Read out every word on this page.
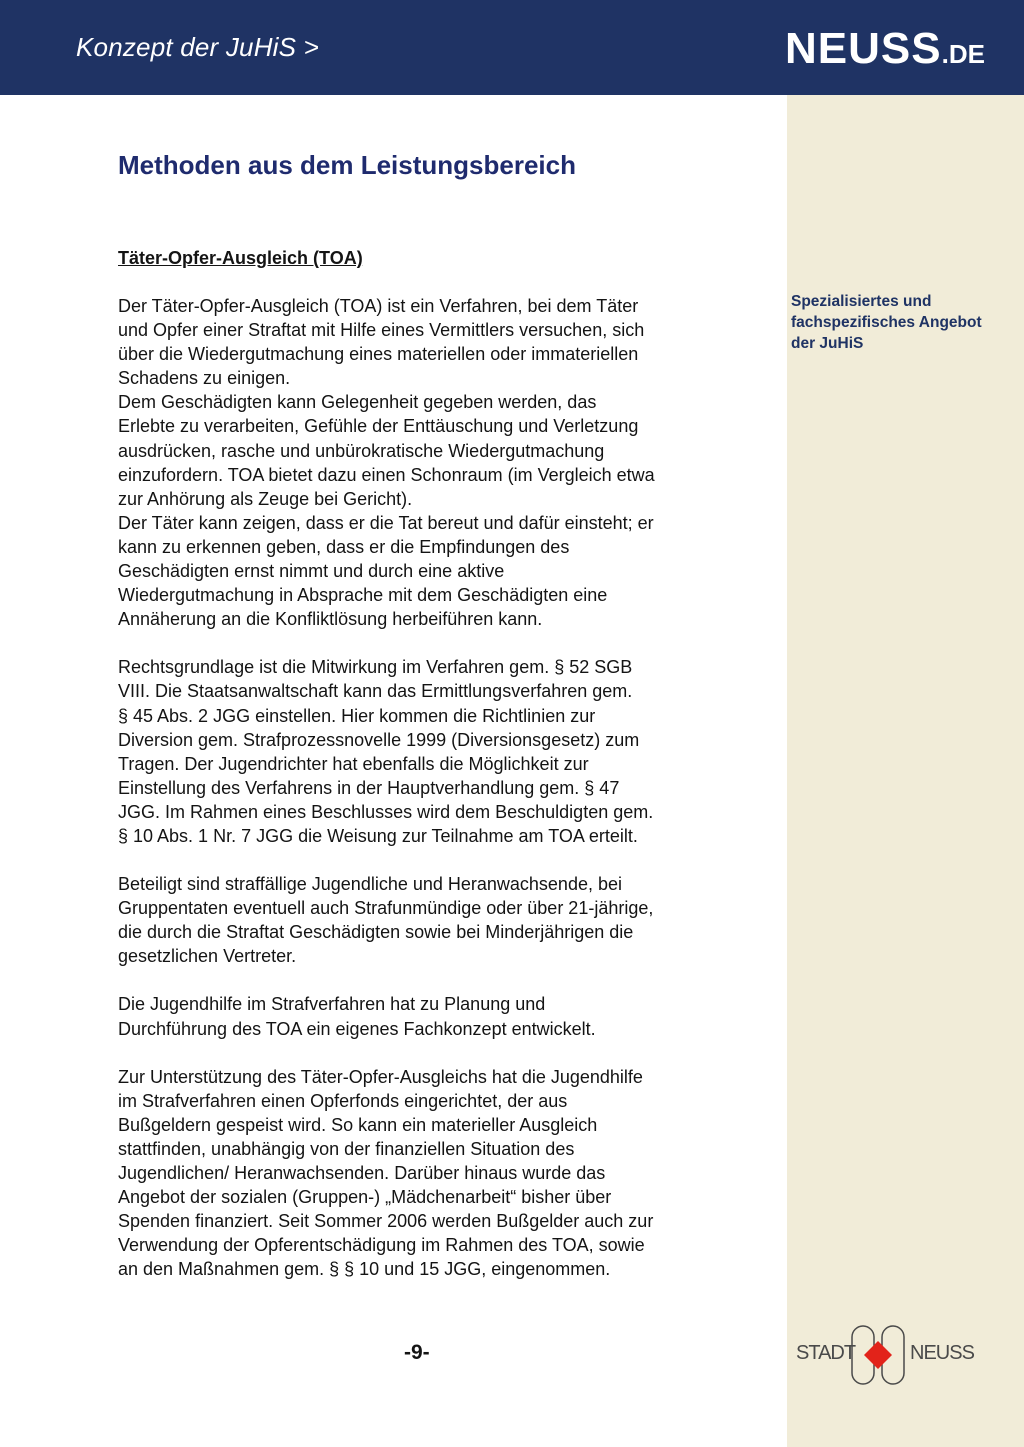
Konzept der JuHiS >	NEUSS.DE
Spezialisiertes und
fachspezifisches Angebot
der JuHiS
Methoden aus dem Leistungsbereich
Täter-Opfer-Ausgleich (TOA)

Der Täter-Opfer-Ausgleich (TOA) ist ein Verfahren, bei dem Täter
und Opfer einer Straftat mit Hilfe eines Vermittlers versuchen, sich
über die Wiedergutmachung eines materiellen oder immateriellen
Schadens zu einigen.
Dem Geschädigten kann Gelegenheit gegeben werden, das
Erlebte zu verarbeiten, Gefühle der Enttäuschung und Verletzung
ausdrücken, rasche und unbürokratische Wiedergutmachung
einzufordern. TOA bietet dazu einen Schonraum (im Vergleich etwa
zur Anhörung als Zeuge bei Gericht).
Der Täter kann zeigen, dass er die Tat bereut und dafür einsteht; er
kann zu erkennen geben, dass er die Empfindungen des
Geschädigten ernst nimmt und durch eine aktive
Wiedergutmachung in Absprache mit dem Geschädigten eine
Annäherung an die Konfliktlösung herbeiführen kann.

Rechtsgrundlage ist die Mitwirkung im Verfahren gem. § 52 SGB
VIII. Die Staatsanwaltschaft kann das Ermittlungsverfahren gem.
§ 45 Abs. 2 JGG einstellen. Hier kommen die Richtlinien zur
Diversion gem. Strafprozessnovelle 1999 (Diversionsgesetz) zum
Tragen. Der Jugendrichter hat ebenfalls die Möglichkeit zur
Einstellung des Verfahrens in der Hauptverhandlung gem. § 47
JGG. Im Rahmen eines Beschlusses wird dem Beschuldigten gem.
§ 10 Abs. 1 Nr. 7 JGG die Weisung zur Teilnahme am TOA erteilt.

Beteiligt sind straffällige Jugendliche und Heranwachsende, bei
Gruppentaten eventuell auch Strafunmündige oder über 21-jährige,
die durch die Straftat Geschädigten sowie bei Minderjährigen die
gesetzlichen Vertreter.

Die Jugendhilfe im Strafverfahren hat zu Planung und
Durchführung des TOA ein eigenes Fachkonzept entwickelt.

Zur Unterstützung des Täter-Opfer-Ausgleichs hat die Jugendhilfe
im Strafverfahren einen Opferfonds eingerichtet, der aus
Bußgeldern gespeist wird. So kann ein materieller Ausgleich
stattfinden, unabhängig von der finanziellen Situation des
Jugendlichen/ Heranwachsenden. Darüber hinaus wurde das
Angebot der sozialen (Gruppen-) „Mädchenarbeit“ bisher über
Spenden finanziert. Seit Sommer 2006 werden Bußgelder auch zur
Verwendung der Opferentschädigung im Rahmen des TOA, sowie
an den Maßnahmen gem. § § 10 und 15 JGG, eingenommen.

-9-	STADT	NEUSS
